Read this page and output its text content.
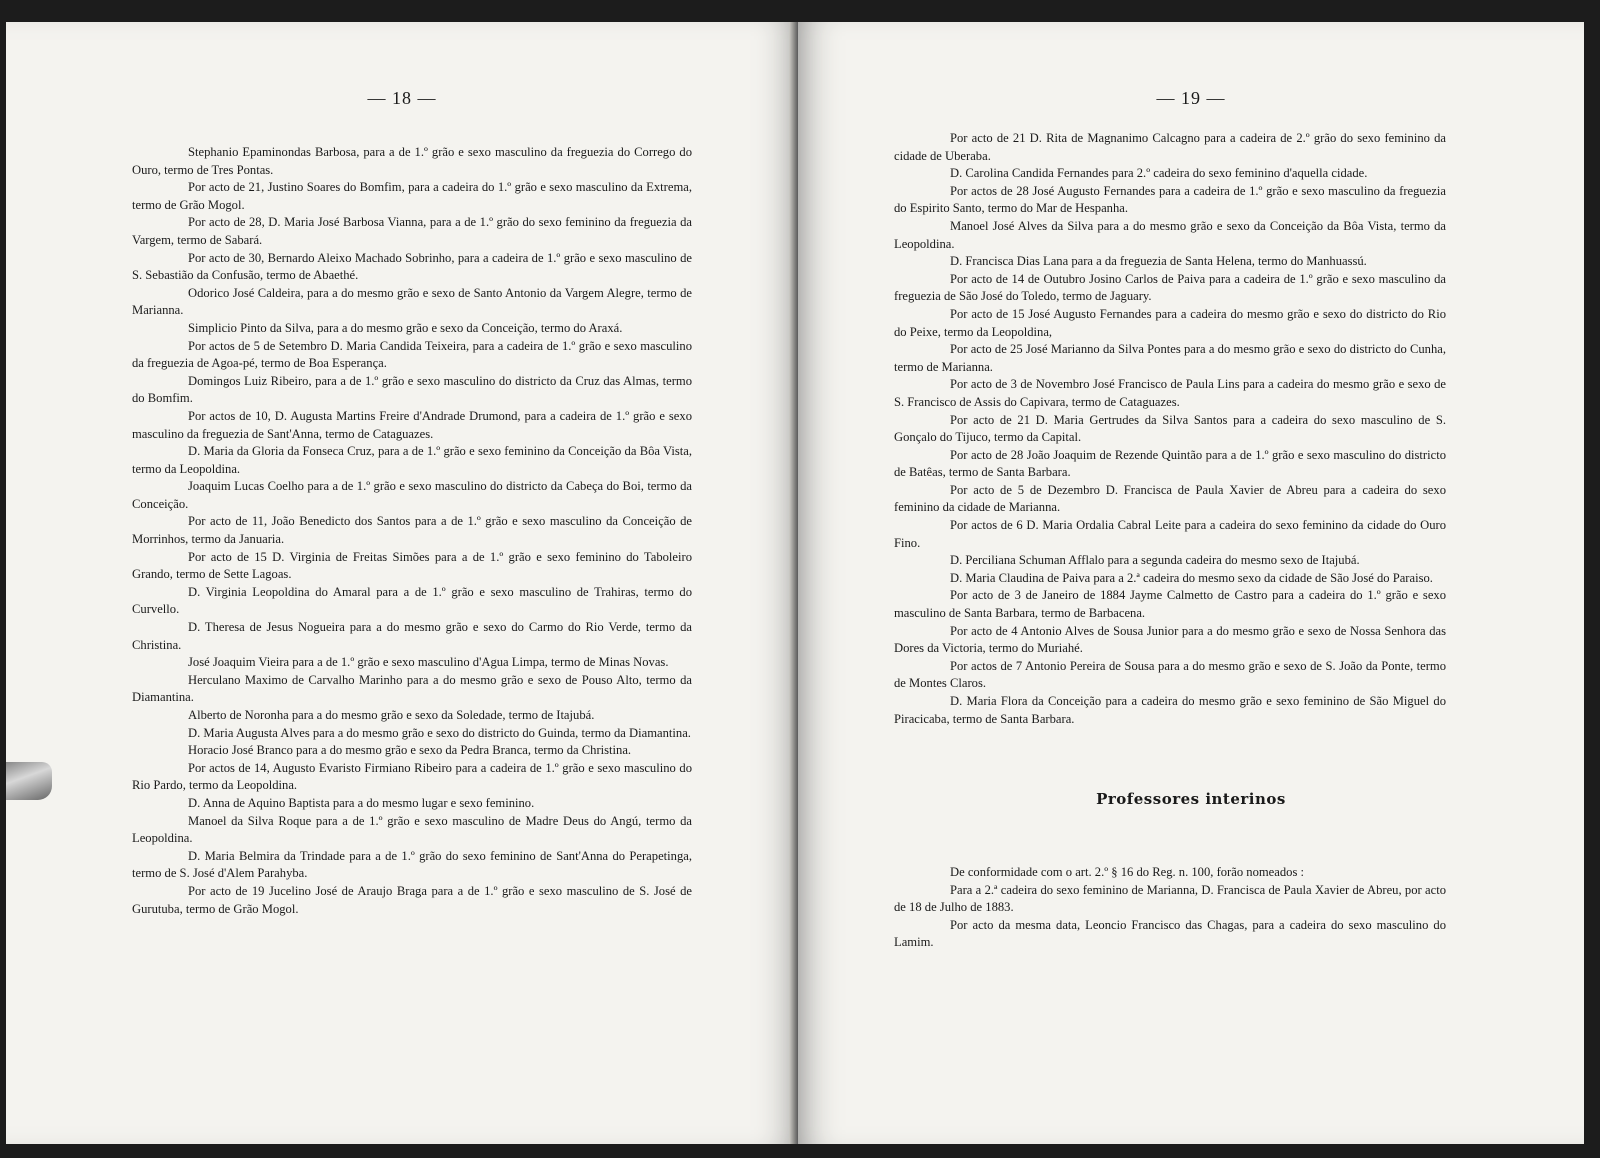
— 18 —

Stephanio Epaminondas Barbosa, para a de 1.º grão e sexo masculino da freguezia do Corrego do Ouro, termo de Tres Pontas.

Por acto de 21, Justino Soares do Bomfim, para a cadeira do 1.º grão e sexo masculino da Extrema, termo de Grão Mogol.

Por acto de 28, D. Maria José Barbosa Vianna, para a de 1.º grão do sexo feminino da freguezia da Vargem, termo de Sabará.

Por acto de 30, Bernardo Aleixo Machado Sobrinho, para a cadeira de 1.º grão e sexo masculino de S. Sebastião da Confusão, termo de Abaethé.

Odorico José Caldeira, para a do mesmo grão e sexo de Santo Antonio da Vargem Alegre, termo de Marianna.

Simplicio Pinto da Silva, para a do mesmo grão e sexo da Conceição, termo do Araxá.

Por actos de 5 de Setembro D. Maria Candida Teixeira, para a cadeira de 1.º grão e sexo masculino da freguezia de Agoa-pé, termo de Boa Esperança.

Domingos Luiz Ribeiro, para a de 1.º grão e sexo masculino do districto da Cruz das Almas, termo do Bomfim.

Por actos de 10, D. Augusta Martins Freire d'Andrade Drumond, para a cadeira de 1.º grão e sexo masculino da freguezia de Sant'Anna, termo de Cataguazes.

D. Maria da Gloria da Fonseca Cruz, para a de 1.º grão e sexo feminino da Conceição da Bôa Vista, termo da Leopoldina.

Joaquim Lucas Coelho para a de 1.º grão e sexo masculino do districto da Cabeça do Boi, termo da Conceição.

Por acto de 11, João Benedicto dos Santos para a de 1.º grão e sexo masculino da Conceição de Morrinhos, termo da Januaria.

Por acto de 15 D. Virginia de Freitas Simões para a de 1.º grão e sexo feminino do Taboleiro Grando, termo de Sette Lagoas.

D. Virginia Leopoldina do Amaral para a de 1.º grão e sexo masculino de Trahiras, termo do Curvello.

D. Theresa de Jesus Nogueira para a do mesmo grão e sexo do Carmo do Rio Verde, termo da Christina.

José Joaquim Vieira para a de 1.º grão e sexo masculino d'Agua Limpa, termo de Minas Novas.

Herculano Maximo de Carvalho Marinho para a do mesmo grão e sexo de Pouso Alto, termo da Diamantina.

Alberto de Noronha para a do mesmo grão e sexo da Soledade, termo de Itajubá.

D. Maria Augusta Alves para a do mesmo grão e sexo do districto do Guinda, termo da Diamantina.

Horacio José Branco para a do mesmo grão e sexo da Pedra Branca, termo da Christina.

Por actos de 14, Augusto Evaristo Firmiano Ribeiro para a cadeira de 1.º grão e sexo masculino do Rio Pardo, termo da Leopoldina.

D. Anna de Aquino Baptista para a do mesmo lugar e sexo feminino.

Manoel da Silva Roque para a de 1.º grão e sexo masculino de Madre Deus do Angú, termo da Leopoldina.

D. Maria Belmira da Trindade para a de 1.º grão do sexo feminino de Sant'Anna do Perapetinga, termo de S. José d'Alem Parahyba.

Por acto de 19 Jucelino José de Araujo Braga para a de 1.º grão e sexo masculino de S. José de Gurutuba, termo de Grão Mogol.

— 19 —

Por acto de 21 D. Rita de Magnanimo Calcagno para a cadeira de 2.º grão do sexo feminino da cidade de Uberaba.

D. Carolina Candida Fernandes para 2.º cadeira do sexo feminino d'aquella cidade.

Por actos de 28 José Augusto Fernandes para a cadeira de 1.º grão e sexo masculino da freguezia do Espirito Santo, termo do Mar de Hespanha.

Manoel José Alves da Silva para a do mesmo grão e sexo da Conceição da Bôa Vista, termo da Leopoldina.

D. Francisca Dias Lana para a da freguezia de Santa Helena, termo do Manhuassú.

Por acto de 14 de Outubro Josino Carlos de Paiva para a cadeira de 1.º grão e sexo masculino da freguezia de São José do Toledo, termo de Jaguary.

Por acto de 15 José Augusto Fernandes para a cadeira do mesmo grão e sexo do districto do Rio do Peixe, termo da Leopoldina,

Por acto de 25 José Marianno da Silva Pontes para a do mesmo grão e sexo do districto do Cunha, termo de Marianna.

Por acto de 3 de Novembro José Francisco de Paula Lins para a cadeira do mesmo grão e sexo de S. Francisco de Assis do Capivara, termo de Cataguazes.

Por acto de 21 D. Maria Gertrudes da Silva Santos para a cadeira do sexo masculino de S. Gonçalo do Tijuco, termo da Capital.

Por acto de 28 João Joaquim de Rezende Quintão para a de 1.º grão e sexo masculino do districto de Batêas, termo de Santa Barbara.

Por acto de 5 de Dezembro D. Francisca de Paula Xavier de Abreu para a cadeira do sexo feminino da cidade de Marianna.

Por actos de 6 D. Maria Ordalia Cabral Leite para a cadeira do sexo feminino da cidade do Ouro Fino.

D. Perciliana Schuman Afflalo para a segunda cadeira do mesmo sexo de Itajubá.

D. Maria Claudina de Paiva para a 2.ª cadeira do mesmo sexo da cidade de São José do Paraiso.

Por acto de 3 de Janeiro de 1884 Jayme Calmetto de Castro para a cadeira do 1.º grão e sexo masculino de Santa Barbara, termo de Barbacena.

Por acto de 4 Antonio Alves de Sousa Junior para a do mesmo grão e sexo de Nossa Senhora das Dores da Victoria, termo do Muriahé.

Por actos de 7 Antonio Pereira de Sousa para a do mesmo grão e sexo de S. João da Ponte, termo de Montes Claros.

D. Maria Flora da Conceição para a cadeira do mesmo grão e sexo feminino de São Miguel do Piracicaba, termo de Santa Barbara.

Professores interinos

De conformidade com o art. 2.º § 16 do Reg. n. 100, forão nomeados :

Para a 2.ª cadeira do sexo feminino de Marianna, D. Francisca de Paula Xavier de Abreu, por acto de 18 de Julho de 1883.

Por acto da mesma data, Leoncio Francisco das Chagas, para a cadeira do sexo masculino do Lamim.
